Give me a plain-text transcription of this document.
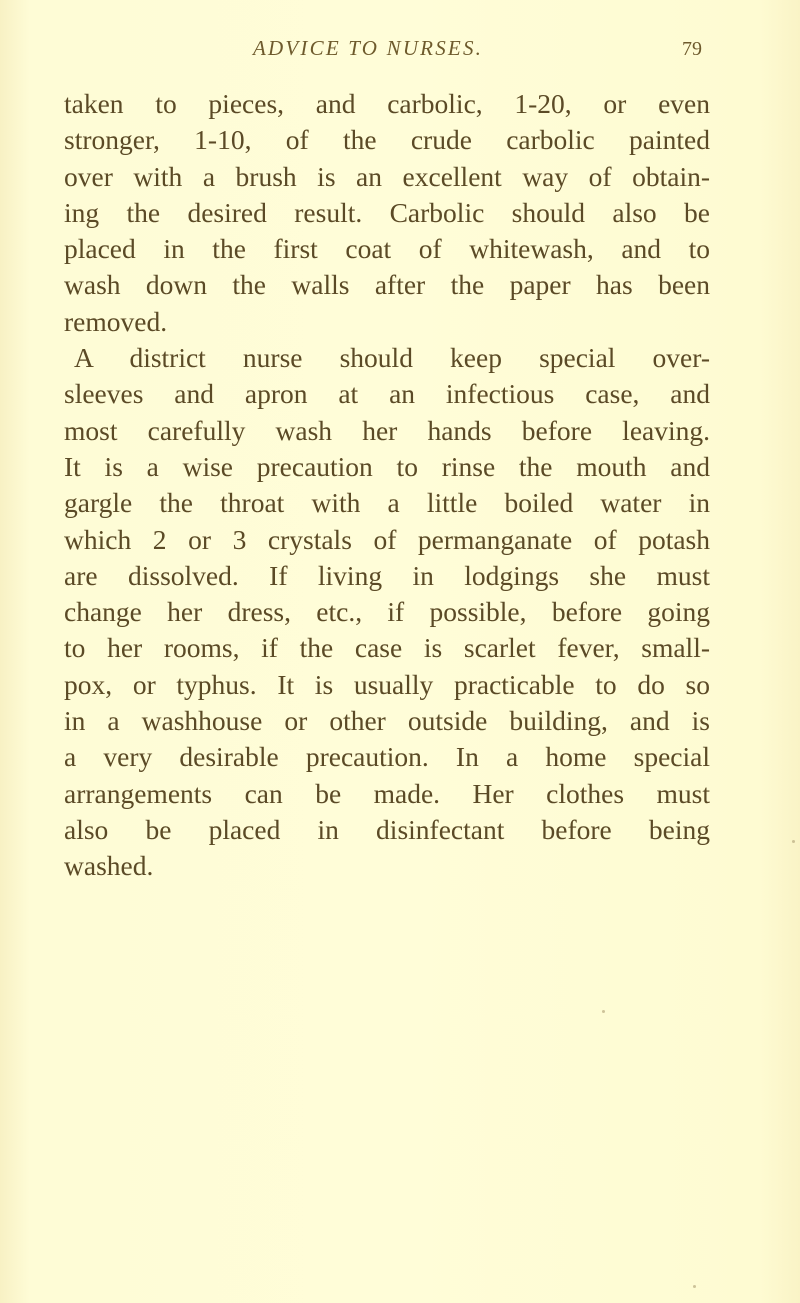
ADVICE TO NURSES.	79
taken to pieces, and carbolic, 1-20, or even
stronger, 1-10, of the crude carbolic painted
over with a brush is an excellent way of obtain-
ing the desired result. Carbolic should also be
placed in the first coat of whitewash, and to
wash down the walls after the paper has been
removed.
A district nurse should keep special over-
sleeves and apron at an infectious case, and
most carefully wash her hands before leaving.
It is a wise precaution to rinse the mouth and
gargle the throat with a little boiled water in
which 2 or 3 crystals of permanganate of potash
are dissolved. If living in lodgings she must
change her dress, etc., if possible, before going
to her rooms, if the case is scarlet fever, small-
pox, or typhus. It is usually practicable to do so
in a washhouse or other outside building, and is
a very desirable precaution. In a home special
arrangements can be made. Her clothes must
also be placed in disinfectant before being
washed.
